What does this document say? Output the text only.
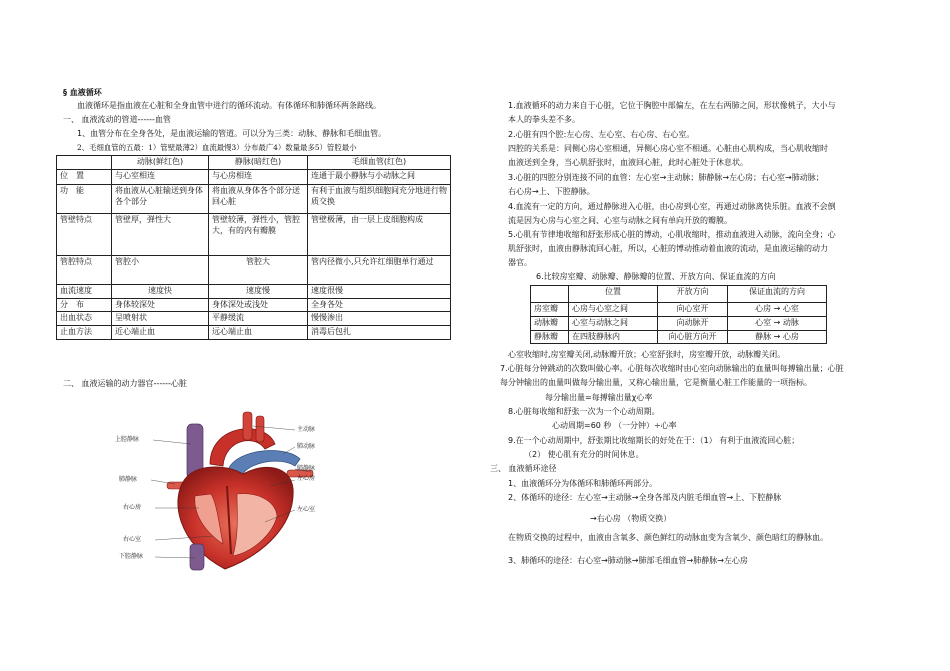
§ 血液循环
血液循环是指血液在心脏和全身血管中进行的循环流动。有体循环和肺循环两条路线。
一、 血液流动的管道------血管
1、血管分布在全身各处，是血液运输的管道。可以分为三类：动脉、静脉和毛细血管。
2、毛细血管的五最：1）管壁最薄2）血流最慢3）分布最广4）数量最多5）管腔最小
	动脉(鲜红色)	静脉(暗红色)	毛细血管(红色)
位　置	与心室相连	与心房相连	连通于最小静脉与小动脉之间
功　能	将血液从心脏输送到身体各个部分	将血液从身体各个部分送回心脏	有利于血液与组织细胞间充分地进行物质交换
管壁特点	管壁厚，弹性大	管壁较薄，弹性小，管腔大，有的内有瓣膜	管壁极薄，由一层上皮细胞构成
管腔特点	管腔小	管腔大	管内径微小,只允许红细胞单行通过
血流速度	速度快	速度慢	速度很慢
分　布	身体较深处	身体深处或浅处	全身各处
出血状态	呈喷射状	平静缓流	慢慢渗出
止血方法	近心端止血	远心端止血	消毒后包扎
二、 血液运输的动力器官------心脏
上腔静脉
肺静脉
右心房
右心室
下腔静脉
主动脉
肺动脉
肺静脉
左心房
左心室
1.血液循环的动力来自于心脏，它位于胸腔中部偏左，在左右两肺之间，形状像桃子，大小与
本人的拳头差不多。
2.心脏有四个腔:左心房、左心室、右心房、右心室。
四腔的关系是：同侧心房心室相通，异侧心房心室不相通。心脏由心肌构成，当心肌收缩时
血液送到全身，当心肌舒张时，血液回心脏，此时心脏处于休息状。
3.心脏的四腔分别连接不同的血管：左心室→主动脉；肺静脉→左心房；右心室→肺动脉；
右心房→上、下腔静脉。
4.血流有一定的方向，通过静脉进入心脏，由心房到心室，再通过动脉离快乐脏。血液不会倒
流是因为心房与心室之间、心室与动脉之间有单向开放的瓣膜。
5.心肌有节律地收缩和舒张形成心脏的博动，心肌收缩时，推动血液进入动脉，流向全身；心
肌舒张时，血液由静脉流回心脏，所以，心脏的博动推动着血液的流动，是血液运输的动力
器官。
6.比较房室瓣、动脉瓣、静脉瓣的位置、开放方向、保证血流的方向
	位置	开放方向	保证血流的方向
房室瓣	心房与心室之间	向心室开	心房 → 心室
动脉瓣	心室与动脉之间	向动脉开	心室 → 动脉
静脉瓣	在四肢静脉内	向心脏方向开	静脉 → 心房
心室收缩时,房室瓣关闭,动脉瓣开放；心室舒张时，房室瓣开放，动脉瓣关闭。
7.心脏每分钟跳动的次数叫做心率。心脏每次收缩时由心室向动脉输出的血量叫每搏输出量；心脏
每分钟输出的血量叫做每分输出量，又称心输出量，它是衡量心脏工作能量的一项指标。
每分输出量=每搏输出量χ心率
8.心脏每收缩和舒张一次为一个心动周期。
心动周期=60 秒 （一分钟）÷心率
9.在一个心动周期中，舒张期比收缩期长的好处在于：（1） 有利于血液流回心脏；
（2） 使心肌有充分的时间休息。
三、 血液循环途径
1、血液循环分为体循环和肺循环两部分。
2、体循环的途径：左心室→主动脉→全身各部及内脏毛细血管→上、下腔静脉
→右心房 （物质交换）
在物质交换的过程中，血液由含氧多、颜色鲜红的动脉血变为含氧少、颜色暗红的静脉血。
3、肺循环的途径：右心室→肺动脉→肺部毛细血管→肺静脉→左心房
